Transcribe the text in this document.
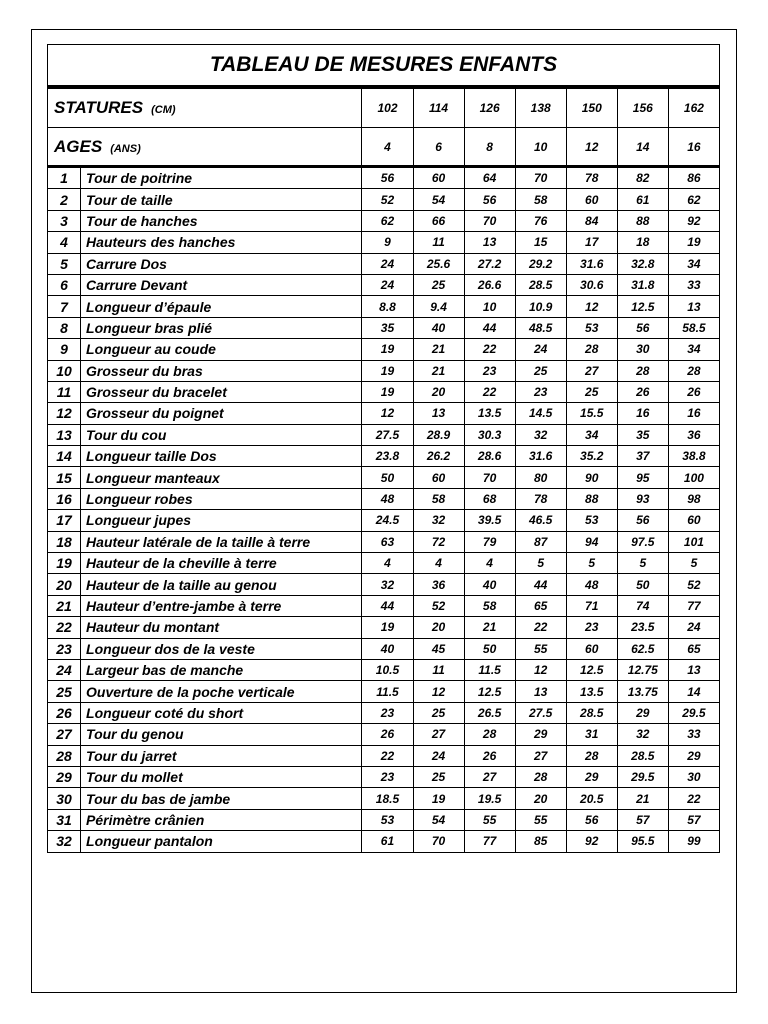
TABLEAU DE MESURES ENFANTS
STATURES (CM)	102	114	126	138	150	156	162
AGES (ANS)	4	6	8	10	12	14	16
1	Tour de poitrine	56	60	64	70	78	82	86
2	Tour de taille	52	54	56	58	60	61	62
3	Tour de hanches	62	66	70	76	84	88	92
4	Hauteurs des hanches	9	11	13	15	17	18	19
5	Carrure Dos	24	25.6	27.2	29.2	31.6	32.8	34
6	Carrure Devant	24	25	26.6	28.5	30.6	31.8	33
7	Longueur d’épaule	8.8	9.4	10	10.9	12	12.5	13
8	Longueur bras plié	35	40	44	48.5	53	56	58.5
9	Longueur au coude	19	21	22	24	28	30	34
10	Grosseur du bras	19	21	23	25	27	28	28
11	Grosseur du bracelet	19	20	22	23	25	26	26
12	Grosseur du poignet	12	13	13.5	14.5	15.5	16	16
13	Tour du cou	27.5	28.9	30.3	32	34	35	36
14	Longueur taille Dos	23.8	26.2	28.6	31.6	35.2	37	38.8
15	Longueur manteaux	50	60	70	80	90	95	100
16	Longueur robes	48	58	68	78	88	93	98
17	Longueur jupes	24.5	32	39.5	46.5	53	56	60
18	Hauteur latérale de la taille à terre	63	72	79	87	94	97.5	101
19	Hauteur de la cheville à terre	4	4	4	5	5	5	5
20	Hauteur de la taille au genou	32	36	40	44	48	50	52
21	Hauteur d’entre-jambe à terre	44	52	58	65	71	74	77
22	Hauteur du montant	19	20	21	22	23	23.5	24
23	Longueur dos de la veste	40	45	50	55	60	62.5	65
24	Largeur bas de manche	10.5	11	11.5	12	12.5	12.75	13
25	Ouverture de la poche verticale	11.5	12	12.5	13	13.5	13.75	14
26	Longueur coté du short	23	25	26.5	27.5	28.5	29	29.5
27	Tour du genou	26	27	28	29	31	32	33
28	Tour du jarret	22	24	26	27	28	28.5	29
29	Tour du mollet	23	25	27	28	29	29.5	30
30	Tour du bas de jambe	18.5	19	19.5	20	20.5	21	22
31	Périmètre crânien	53	54	55	55	56	57	57
32	Longueur pantalon	61	70	77	85	92	95.5	99
